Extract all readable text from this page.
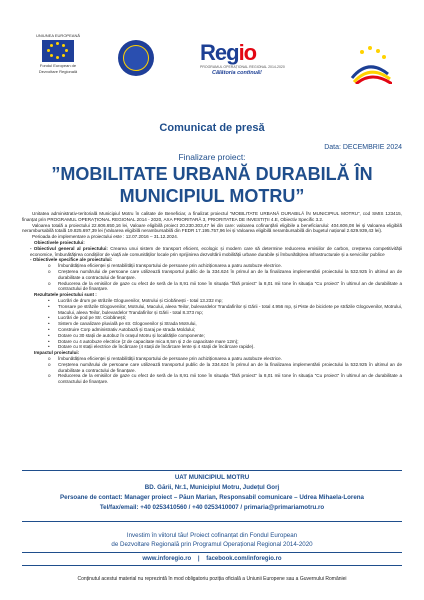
UNIUNEA EUROPEANĂ
Fondul European de
Dezvoltare Regională
Regio
PROGRAMUL OPERAȚIONAL REGIONAL 2014-2020
Călătoria continuă!
Comunicat de presă
Data: DECEMBRIE 2024
Finalizare proiect:
”MOBILITATE URBANĂ DURABILĂ ÎN MUNICIPIUL MOTRU”

Unitatea administrativ-teritorială Municipiul Motru în calitate de Beneficiar, a finalizat proiectul ”MOBILITATE URBANĂ DURABILĂ ÎN MUNICIPIUL MOTRU”, cod SMIS 123415, finanțat prin PROGRAMUL OPERAȚIONAL REGIONAL 2014 - 2020, AXA PRIORITARĂ 3, PRIORITATEA DE INVESTIȚII 4.E, Obiectiv Specific 3.2.

Valoarea totală a proiectului 22.606.650,16 lei, Valoare eligibilă proiect 20.230.303,47 lei din care: valoarea cofinanțării eligibile a beneficiarului: 404.606,08 lei și Valoarea eligibilă nerambursabilă totală 19.825.697,39 lei (Valoarea eligibilă nerambursabilă din FEDR 17.195.757,96 lei și Valoarea eligibilă nerambursabilă din bugetul național 2.629.939,43 lei).

Perioada de implementare a proiectului este : 12.07.2016 – 31.12.2024.

Obiectivele proiectului:

- Obiectivul general al proiectului: Crearea unui sistem de transport eficient, ecologic și modern care să determine reducerea emisiilor de carbon, creșterea competitivității economice, îmbunătățirea condițiilor de viață ale comunităților locale prin sprijinirea dezvoltării mobilității urbane durabile și îmbunătățirea infrastructurale și a serviciilor publice

- Obiectivele specifice ale proiectului:

o Îmbunătățirea eficienței și rentabilității transportului de persoane prin achiziționarea a patru autobuze electrice.
o Creșterea numărului de persoane care utilizează transportul public de la 334.624 în primul an de la finalizarea implementării proiectului la 532.925 în ultimul an de durabilitate a contractului de finanțare.
o Reducerea de la emisiilor de gaze cu efect de seră de la 8,91 mii tone în situația “fără proiect” la 8,01 mii tone în situația “Cu proiect” în ultimul an de durabilitate a contractului de finanțare.

Rezultatele proiectului sunt :

• Lucrări de drum pe străzile Gloguvenilor, Motrului și Ciobănești - total 13.232 mp;
• Tronsare pe străzile Glogovenilor, Motrului, Macului, aleea Teilor, bulevardelor Trandafirilor și Gării - total 4.956 mp, și Piste de biciclete pe străzile Glogovenilor, Motrului, Macului, aleea Teilor, bulevardelor Trandafirilor și Gării - total 8.373 mp;
• Lucrări de pod pe Str. Ciobănești;
• Sistem de canalizare pluvială pe str. Glogovenilor și Strada Motrului,
• Construire Corp administrativ Autobază și Garaj pe strada Moldului;
• Dotare cu 30 stații de autobuz în orașul Motru și localitățile componente;
• Dotare cu 4 autobuze electrice (2 de capacitate mica 8,5m și 2 de capacitate mare 12m);
• Dotare cu 8 stații electrice de încărcare (4 stații de încărcare lente și 4 stații de încărcare rapide).

Impactul proiectului:

o Îmbunătățirea eficienței și rentabilității transportului de persoane prin achiziționarea a patru autobuze electrice.
o Creșterea numărului de persoane care utilizează transportul public de la 334.624 în primul an de la finalizarea implementării proiectului la 532.925 în ultimul an de durabilitate a contractului de finanțare.
o Reducerea de la emisiilor de gaze cu efect de seră de la 8,91 mii tone în situația “fără proiect” la 8,01 mii tone în situația “Cu proiect” în ultimul an de durabilitate a contractului de finanțare.
UAT MUNICIPIUL MOTRU
BD. Gării, Nr.1, Municipiul Motru, Județul Gorj
Persoane de contact: Manager proiect – Păun Marian, Responsabil comunicare – Udrea Mihaela-Lorena
Tel/fax/email: +40 0253410560 / +40 0253410007 / primaria@primariamotru.ro
Investim în viitorul tău! Proiect cofinanțat din Fondul European
de Dezvoltare Regională prin Programul Operațional Regional 2014-2020
www.inforegio.ro | facebook.com/inforegio.ro
Conținutul acestui material nu reprezintă în mod obligatoriu poziția oficială a Uniunii Europene sau a Guvernului României
